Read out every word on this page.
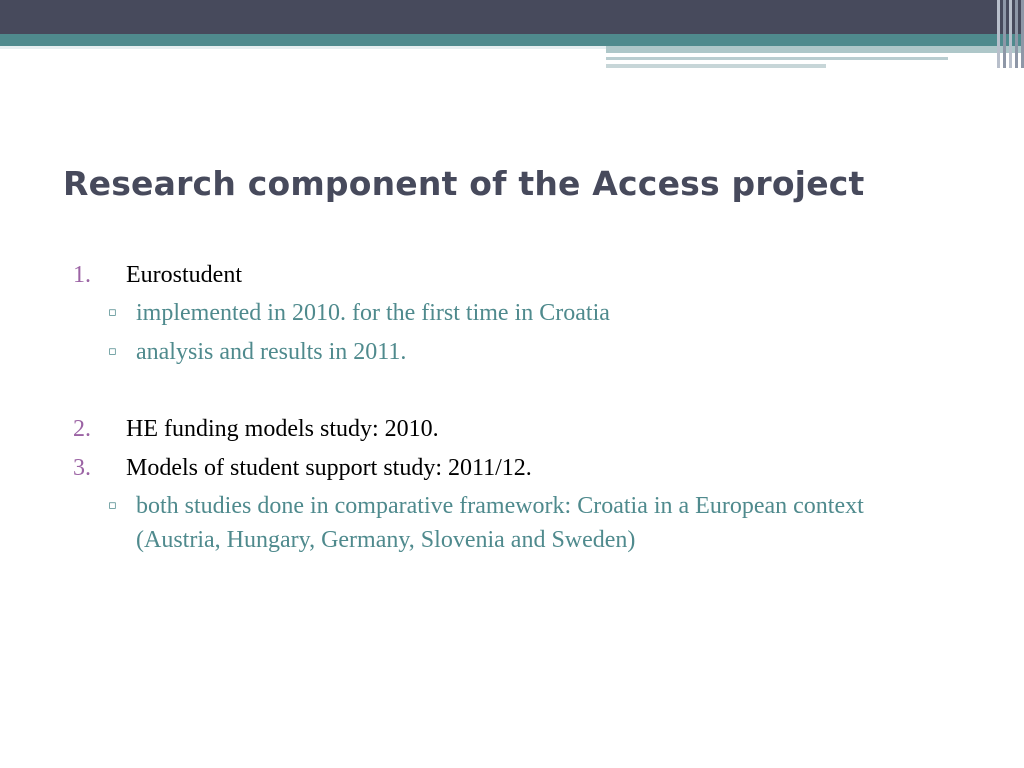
Research component of the Access project
1. Eurostudent
▫ implemented in 2010. for the first time in Croatia
▫ analysis and results in 2011.
2. HE funding models study: 2010.
3. Models of student support study: 2011/12.
▫ both studies done in comparative framework: Croatia in a European context (Austria, Hungary, Germany, Slovenia and Sweden)
